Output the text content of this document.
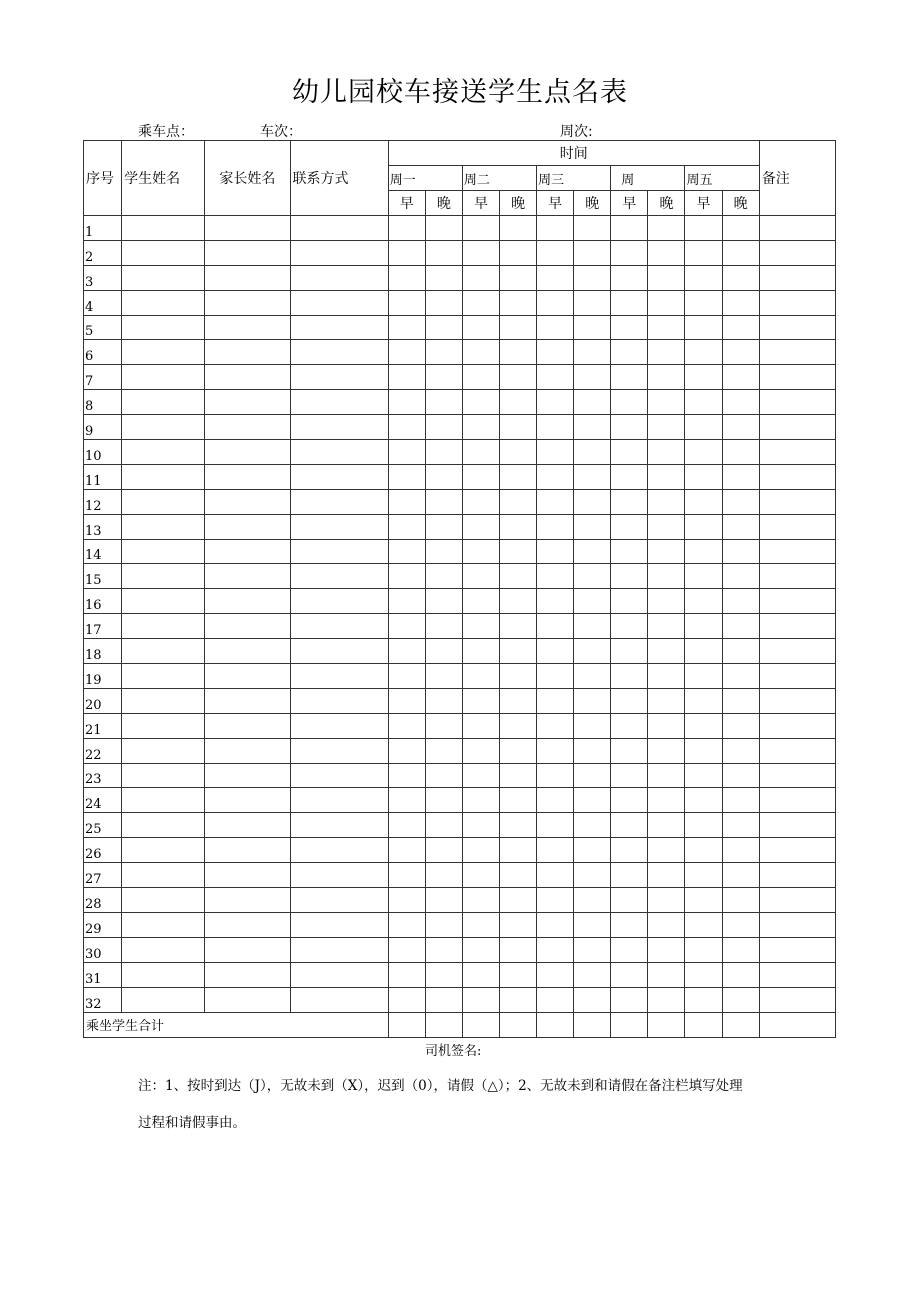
幼儿园校车接送学生点名表
乘车点：	车次：	周次:
序号	学生姓名	家长姓名	联系方式	时间										备注
				周一		周二		周三		周		周五		
				早	晚	早	晚	早	晚	早	晚	早	晚	
1														
2														
3														
4														
5														
6														
7														
8														
9														
10														
11														
12														
13														
14														
15														
16														
17														
18														
19														
20														
21														
22														
23														
24														
25														
26														
27														
28														
29														
30														
31														
32														
乘坐学生合计														
司机签名:
注：1、按时到达（J），无故未到（X），迟到（0），请假（△）；2、无故未到和请假在备注栏填写处理
过程和请假事由。
